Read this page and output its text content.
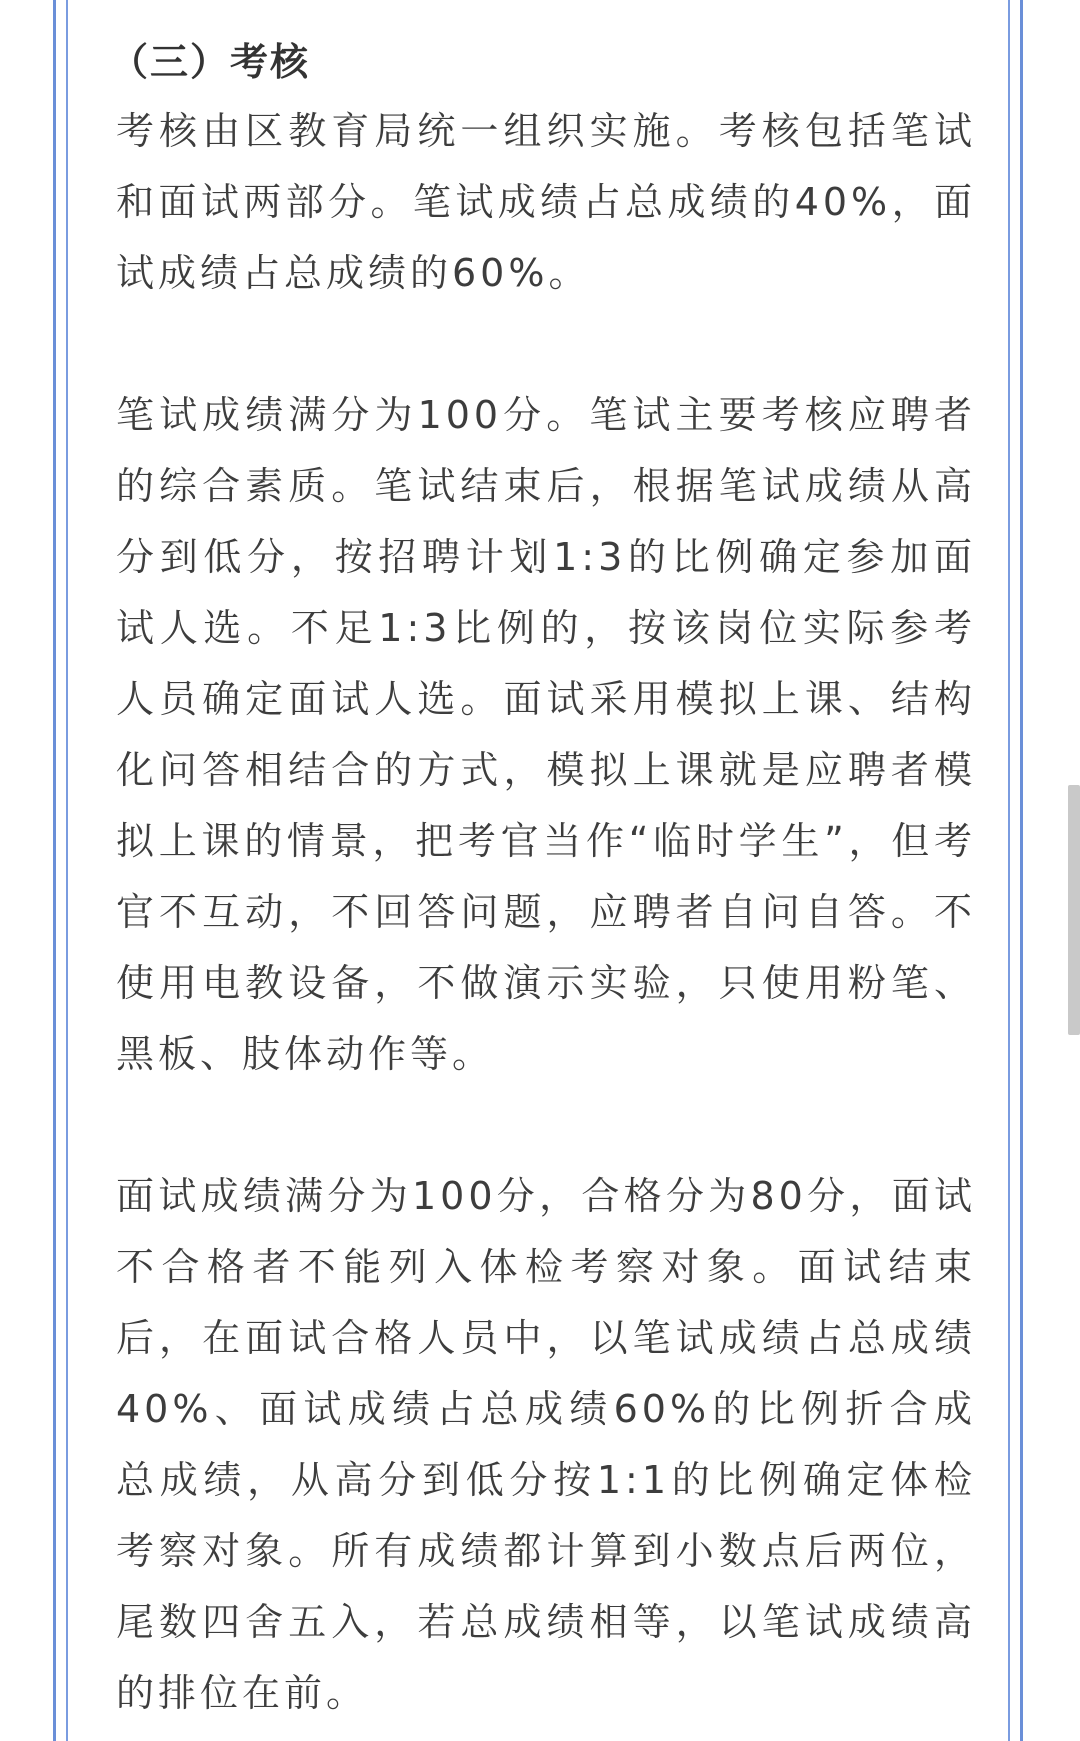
（三）考核

考核由区教育局统一组织实施。考核包括笔试和面试两部分。笔试成绩占总成绩的40%，面试成绩占总成绩的60%。

笔试成绩满分为100分。笔试主要考核应聘者的综合素质。笔试结束后，根据笔试成绩从高分到低分，按招聘计划1:3的比例确定参加面试人选。不足1:3比例的，按该岗位实际参考人员确定面试人选。面试采用模拟上课、结构化问答相结合的方式，模拟上课就是应聘者模拟上课的情景，把考官当作“临时学生”，但考官不互动，不回答问题，应聘者自问自答。不使用电教设备，不做演示实验，只使用粉笔、黑板、肢体动作等。

面试成绩满分为100分，合格分为80分，面试不合格者不能列入体检考察对象。面试结束后，在面试合格人员中，以笔试成绩占总成绩40%、面试成绩占总成绩60%的比例折合成总成绩，从高分到低分按1:1的比例确定体检考察对象。所有成绩都计算到小数点后两位，尾数四舍五入，若总成绩相等，以笔试成绩高的排位在前。
